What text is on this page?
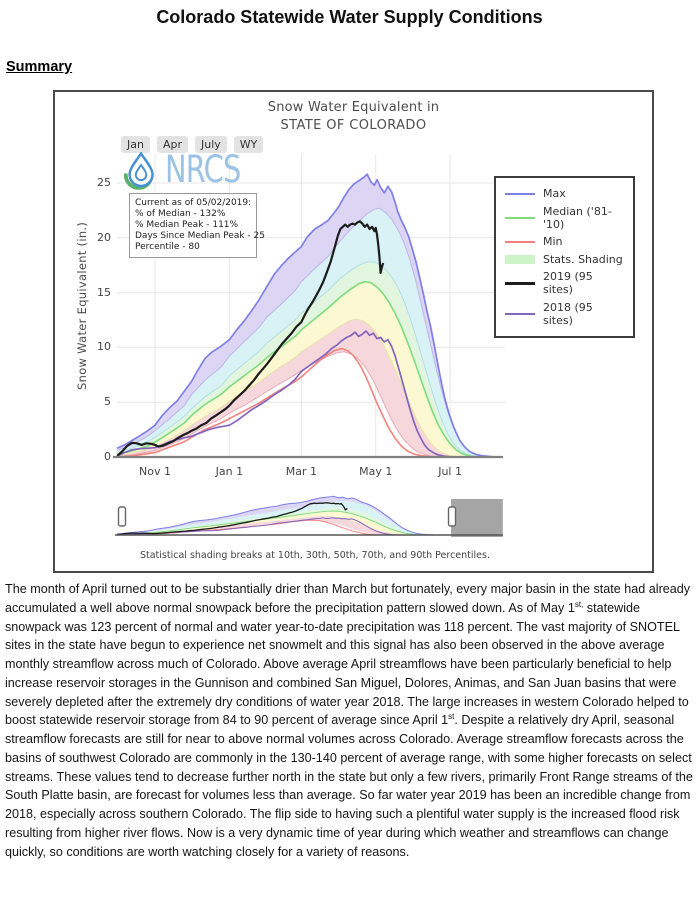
Colorado Statewide Water Supply Conditions
Summary
Snow Water Equivalent in
STATE OF COLORADO
Jan	Apr	July	WY
NRCS
Current as of 05/02/2019:
% of Median - 132%
% Median Peak - 111%
Days Since Median Peak - 25
Percentile - 80
Max
Median ('81-'10)
Min
Stats. Shading
2019 (95 sites)
2018 (95 sites)
Snow Water Equivalent (in.)
0
5
10
15
20
25
Nov 1	Jan 1	Mar 1	May 1	Jul 1
Statistical shading breaks at 10th, 30th, 50th, 70th, and 90th Percentiles.
The month of April turned out to be substantially drier than March but fortunately, every major basin in the state had already accumulated a well above normal snowpack before the precipitation pattern slowed down. As of May $1^{st,}$ statewide snowpack was 123 percent of normal and water year-to-date precipitation was 118 percent. The vast majority of SNOTEL sites in the state have begun to experience net snowmelt and this signal has also been observed in the above average monthly streamflow across much of Colorado. Above average April streamflows have been particularly beneficial to help increase reservoir storages in the Gunnison and combined San Miguel, Dolores, Animas, and San Juan basins that were severely depleted after the extremely dry conditions of water year 2018. The large increases in western Colorado helped to boost statewide reservoir storage from 84 to 90 percent of average since April 1st. Despite a relatively dry April, seasonal streamflow forecasts are still for near to above normal volumes across Colorado. Average streamflow forecasts across the basins of southwest Colorado are commonly in the 130-140 percent of average range, with some higher forecasts on select streams. These values tend to decrease further north in the state but only a few rivers, primarily Front Range streams of the South Platte basin, are forecast for volumes less than average. So far water year 2019 has been an incredible change from 2018, especially across southern Colorado. The flip side to having such a plentiful water supply is the increased flood risk resulting from higher river flows. Now is a very dynamic time of year during which weather and streamflows can change quickly, so conditions are worth watching closely for a variety of reasons.
